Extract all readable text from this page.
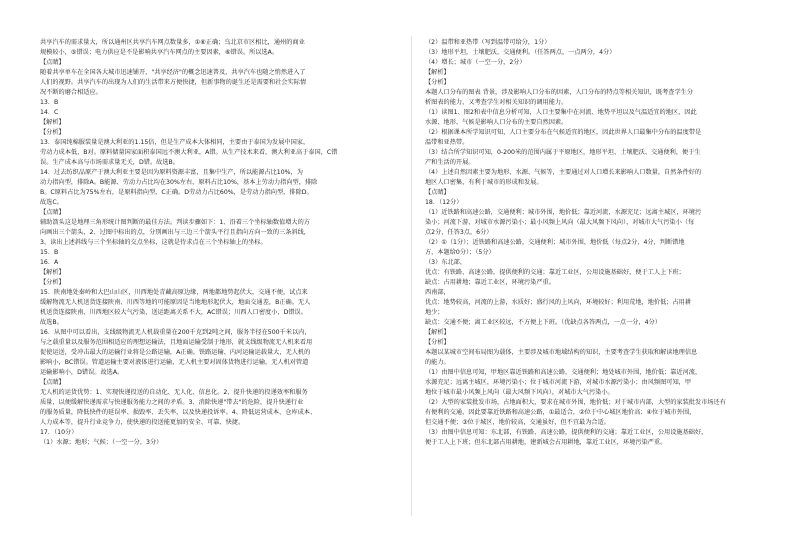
共享汽车的需求量大，所以通州区共享汽车网点数量多，①⑥正确；乌北京市区相比，通州的商业
规模较小，⑤错误；电力供应是不是影响共享汽车网点的主要因素，⑥错误。所以选A。
【点睛】
随着共享单车在全国各大城市迅速铺开，"共享经济"的概念迅速普及，共享汽车也随之悄然进入了
人们的视野。共享汽车的出现为人们的生活带来方便快捷，但新事物的诞生还是需要和社会实际情
况不断的磨合相适应。
13．B
14．C
【解析】
【分析】
13．泰国纯棉服装量是澳大利亚的1.15倍，但是生产成本大体相同，主要由于泰国为发展中国家，
劳动力成本低，B对。原料储量国家面积泰国远不澳大利亚，A错。从生产技术来看，澳大利亚高于泰国，C错
误。生产成本高与市场需求量无关，D错。故选B。
14．过去纺织品原产于澳大利亚主要是因为原料资源丰富，且集中生产，所以能源占比10%，为
动力指向型，排除A。B能源、劳动力占比均在30%左右，原料占比10%，基本上劳动力指向型，排除
B。C原料占比为75%左右，是原料指向型，C正确。D劳动力占比60%，是劳动力指向型，排除D。
故选C。
【点睛】
辅助箭头这是地理三角形统计图判断的最佳方法。判读步骤如下：1、沿着三个坐标轴数值增大的方
向画出三个箭头，2、过图中标出的点，分别画出与三边三个箭头平行且指向方向一致的三条斜线，
3、读出上述斜线与三个坐标轴的交点坐标，这就是待求点在三个坐标轴上的坐标。
15．B
16．A
【解析】
【分析】
15．陕南地处秦岭和大巴山山区，川西地处青藏高原边缘，两地都地势起伏大，交通不便，试点来
缓解物流无人机送货连接陕南、川西等地的可能原因是当地地形起伏大，地面交通差，B正确。无人
机送货连接陕南、川西地区较大气污染、送运距离关系不大，AC错误；川西人口密度小，D错误。
故选B。
16．从图中可以看出，支线级物流无人机载重量在200千克到2吨之间，服务半径在500千米以内，
与之载重量以及服务范围相适应的理想运输法，且地面运输受制于地形，就支线级物流无人机来看用
促使运送，受冲击最大的运输行业将是公路运输，A正确。铁路运输、内河运输运载量大，无人机的
影响小，BC错误。管道运输主要对液体进行运输，无人机主要对固体货物进行运输，无人机对管道
运输影响小，D错误。故选A。
【点睛】
无人机的运货优势：1、实现快递投送的自动化、无人化、信息化。2、提升快递的投递效率和服务
质量，以便缓解快递需求与快递服务能力之间的矛盾。3、消除快递"带去"的危险，提升快递行业
的服务质量，降低快件的延误率、损毁率、丢失率，以及快递投诉率。4、降低运营成本、仓库成本、
人力成本等，提升行业竞争力，使快递的投送能更加的安全、可靠、快捷。
17．（10分）
（1）水源；地形；气候；（一空一分，3分）
（2）温带和亚热带（写到温带可给分，1分）
（3）地形平坦，土壤肥沃，交通便利。（任答两点，一点两分，4分）
（4）增长；城市（一空一分，2分）
【解析】
【分析】
本题人口分布的图表 背景，涉及影响人口分布的因素，人口分布的特点等相关知识，既考查学生分
析图表的能力，又考查学生对相关知识的调用能力。
（1）读图1、图2和表中信息分析可知，人口主要集中在河流、地势平坦以及气温适宜的地区，因此
水源、地形、气候是影响人口分布的主要自然因素。
（2）根据课本所学知识可知，人口主要分布在气候适宜的地区，因此世界人口最集中分布的温度带是
温带和亚热带。
（3）结合所学知识可知，0-200米的范围内属于平原地区，地形平坦、土壤肥沃、交通便利，便于生
产和生活的开展。
（4）上述自然因素主要为地形、水源、气候等，主要通过对人口增长来影响人口数量，自然条件好的
地区人口密集，有利于城市的形成和发展。
【点睛】
18．（12分）
（1）近铁路和高速公路，交通便利；城市外围，地价低；靠近河流，水源充足；远离主城区，环境污
染小；河流下游，对城市水源污染小；最小风频上风向（最大风频下风向），对城市大气污染小（每
点2分，任答3点，6分）
（2）①（1分）；近铁路和高速公路，交通便利；城市外围，地价低（每点2分，4分，判断错地
方，本题给0分）；（5分）
（3）东北部，
优点：有铁路、高速公路，提供便利的交通；靠近工业区，公用设施基础好，便于工人上下班；
缺点：占用耕地；靠近工业区，环境污染严重。
西南部，
优点：地势较高，河流的上游，水质好；盛行风的上风向，环境较好；利用荒地，地价低；占用耕
地少；
缺点：交通不便；离工业区较远，不方便上下班。（优缺点各答两点，一点一分，4分）
【解析】
【分析】
本题以某城市空间布局图为载体，主要涉及城市地域结构的知识，主要考查学生获取和解读地理信息
的能力。
（1）由图中信息可知，甲地区靠近铁路和高速公路，交通便利；地处城市外围，地价低；靠近河流，
水源充足；远离主城区，环境污染小；位于城市河流下游，对城市水源污染小；由风频图可知，甲
地位于城市最小风频上风向（最大风频下风向），对城市大气污染小。
（2）大型的家装批发市场，占地面积大，要求在城市外围，地价低；对于城市内部，大型的家装批发市场还有
有便利的交通，因此要靠近铁路和高速公路，①最适合，②位于中心城区地价高；④位于城市外围，
但交通不便；③位于城区，地价较高，交通虽好，但不宜最为合适。
（3）由图中信息可知：东北部，有铁路、高速公路，提供便利的交通；靠近工业区，公用设施基础好，
便于工人上下班；但东北部占用耕地，建新城会占用耕地，靠近工业区，环境污染严重。
